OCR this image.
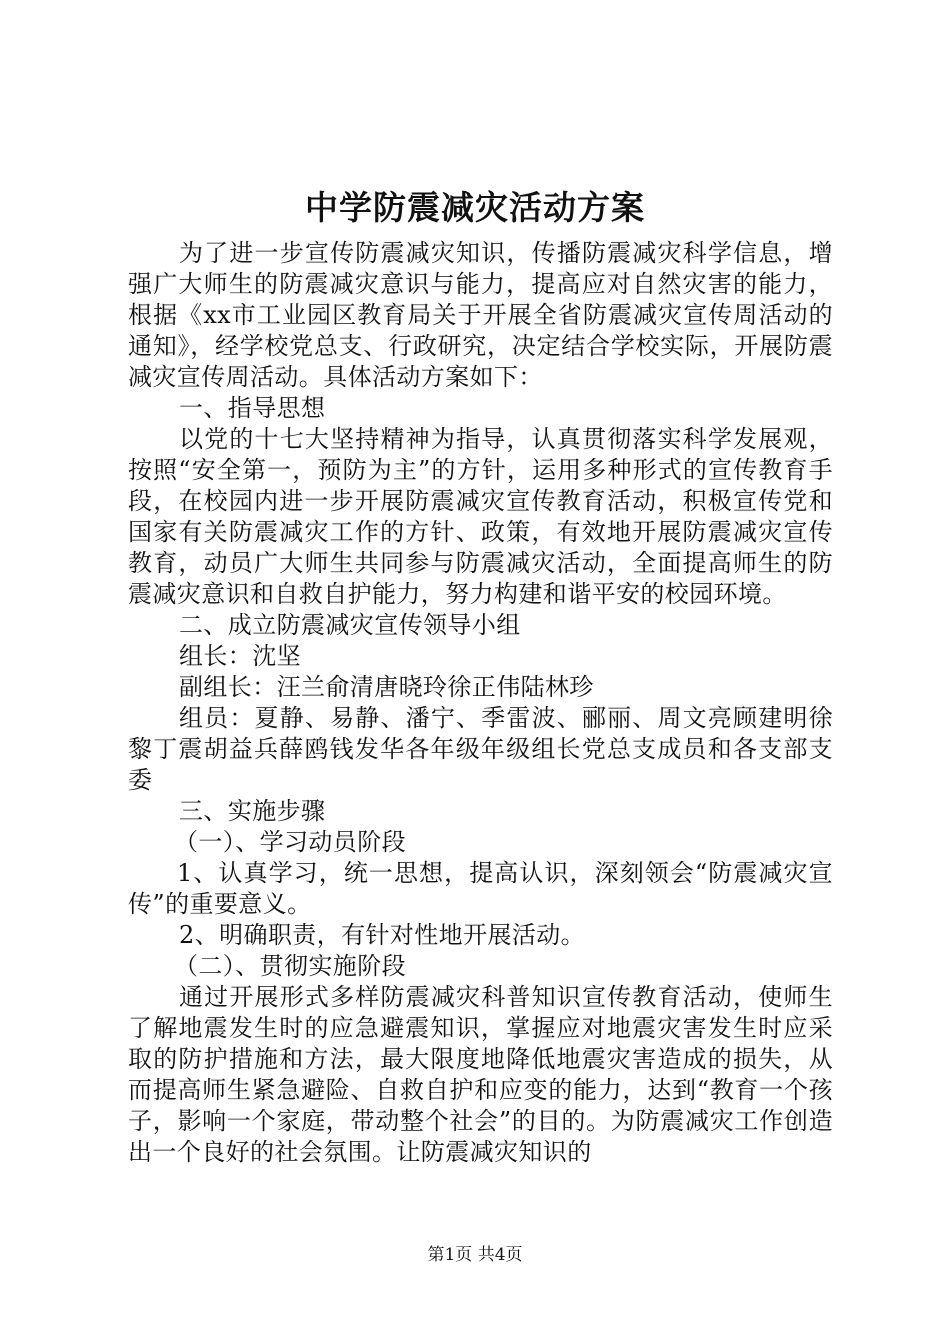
中学防震减灾活动方案

为了进一步宣传防震减灾知识，传播防震减灾科学信息，增强广大师生的防震减灾意识与能力，提高应对自然灾害的能力，根据《xx市工业园区教育局关于开展全省防震减灾宣传周活动的通知》，经学校党总支、行政研究，决定结合学校实际，开展防震减灾宣传周活动。具体活动方案如下：

一、指导思想

以党的十七大坚持精神为指导，认真贯彻落实科学发展观，按照“安全第一，预防为主”的方针，运用多种形式的宣传教育手段，在校园内进一步开展防震减灾宣传教育活动，积极宣传党和国家有关防震减灾工作的方针、政策，有效地开展防震减灾宣传教育，动员广大师生共同参与防震减灾活动，全面提高师生的防震减灾意识和自救自护能力，努力构建和谐平安的校园环境。

二、成立防震减灾宣传领导小组

组长：沈坚

副组长：汪兰俞清唐晓玲徐正伟陆林珍

组员：夏静、易静、潘宁、季雷波、郦丽、周文亮顾建明徐黎丁震胡益兵薛鸥钱发华各年级年级组长党总支成员和各支部支委

三、实施步骤

（一）、学习动员阶段

1、认真学习，统一思想，提高认识，深刻领会“防震减灾宣传”的重要意义。

2、明确职责，有针对性地开展活动。

（二）、贯彻实施阶段

通过开展形式多样防震减灾科普知识宣传教育活动，使师生了解地震发生时的应急避震知识，掌握应对地震灾害发生时应采取的防护措施和方法，最大限度地降低地震灾害造成的损失，从而提高师生紧急避险、自救自护和应变的能力，达到“教育一个孩子，影响一个家庭，带动整个社会”的目的。为防震减灾工作创造出一个良好的社会氛围。让防震减灾知识的

第1页 共4页
